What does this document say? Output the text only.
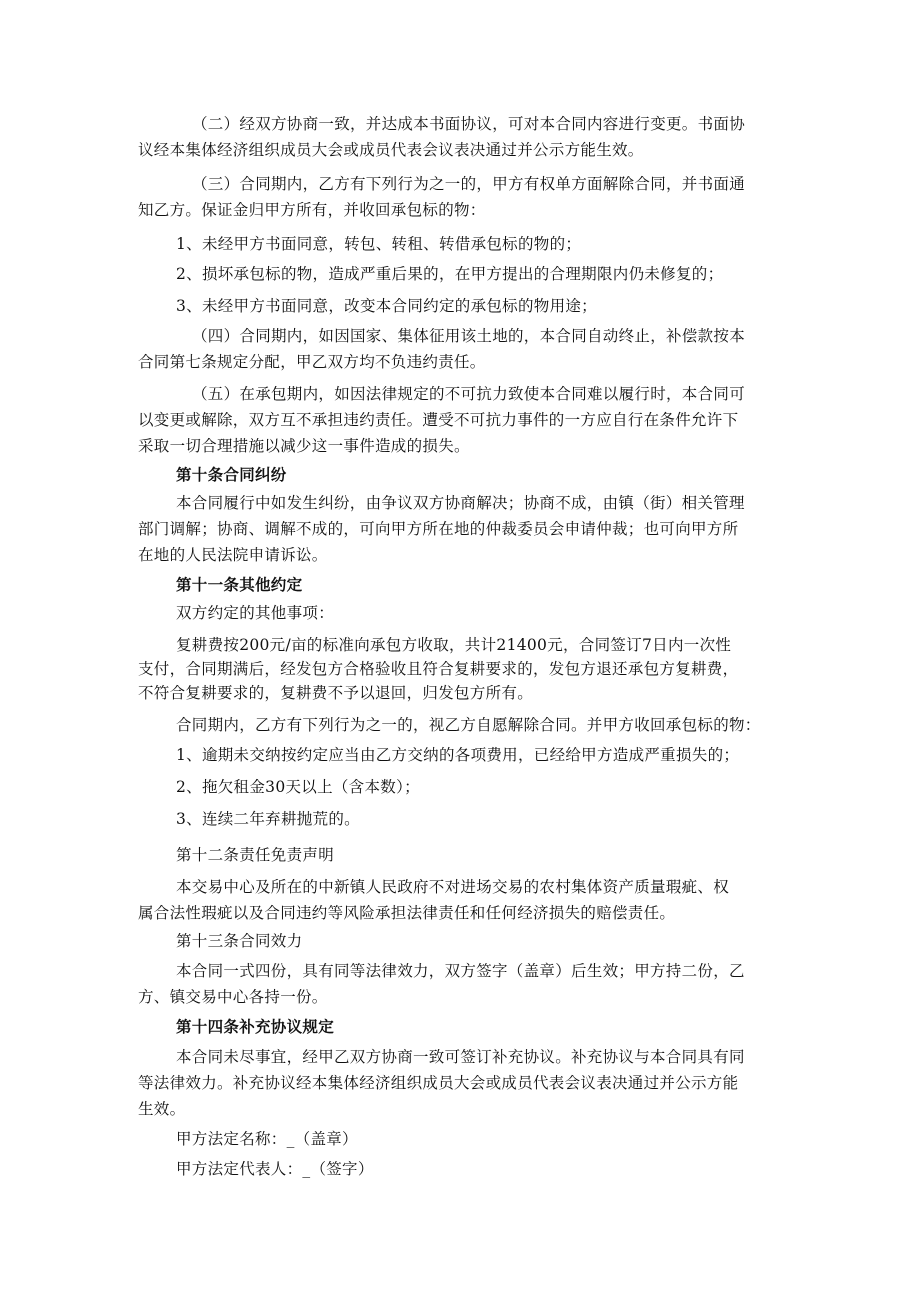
（二）经双方协商一致，并达成本书面协议，可对本合同内容进行变更。书面协
议经本集体经济组织成员大会或成员代表会议表决通过并公示方能生效。
（三）合同期内，乙方有下列行为之一的，甲方有权单方面解除合同，并书面通
知乙方。保证金归甲方所有，并收回承包标的物：
1、未经甲方书面同意，转包、转租、转借承包标的物的；
2、损坏承包标的物，造成严重后果的，在甲方提出的合理期限内仍未修复的；
3、未经甲方书面同意，改变本合同约定的承包标的物用途；
（四）合同期内，如因国家、集体征用该土地的，本合同自动终止，补偿款按本
合同第七条规定分配，甲乙双方均不负违约责任。
（五）在承包期内，如因法律规定的不可抗力致使本合同难以履行时，本合同可
以变更或解除，双方互不承担违约责任。遭受不可抗力事件的一方应自行在条件允许下
采取一切合理措施以减少这一事件造成的损失。
第十条合同纠纷
本合同履行中如发生纠纷，由争议双方协商解决；协商不成，由镇（街）相关管理
部门调解；协商、调解不成的，可向甲方所在地的仲裁委员会申请仲裁；也可向甲方所
在地的人民法院申请诉讼。
第十一条其他约定
双方约定的其他事项：
复耕费按200元/亩的标准向承包方收取，共计21400元，合同签订7日内一次性
支付，合同期满后，经发包方合格验收且符合复耕要求的，发包方退还承包方复耕费，
不符合复耕要求的，复耕费不予以退回，归发包方所有。
合同期内，乙方有下列行为之一的，视乙方自愿解除合同。并甲方收回承包标的物：
1、逾期未交纳按约定应当由乙方交纳的各项费用，已经给甲方造成严重损失的；
2、拖欠租金30天以上（含本数）；
3、连续二年弃耕抛荒的。
第十二条责任免责声明
本交易中心及所在的中新镇人民政府不对进场交易的农村集体资产质量瑕疵、权
属合法性瑕疵以及合同违约等风险承担法律责任和任何经济损失的赔偿责任。
第十三条合同效力
本合同一式四份，具有同等法律效力，双方签字（盖章）后生效；甲方持二份，乙
方、镇交易中心各持一份。
第十四条补充协议规定
本合同未尽事宜，经甲乙双方协商一致可签订补充协议。补充协议与本合同具有同
等法律效力。补充协议经本集体经济组织成员大会或成员代表会议表决通过并公示方能
生效。
甲方法定名称：_（盖章）
甲方法定代表人：_（签字）
